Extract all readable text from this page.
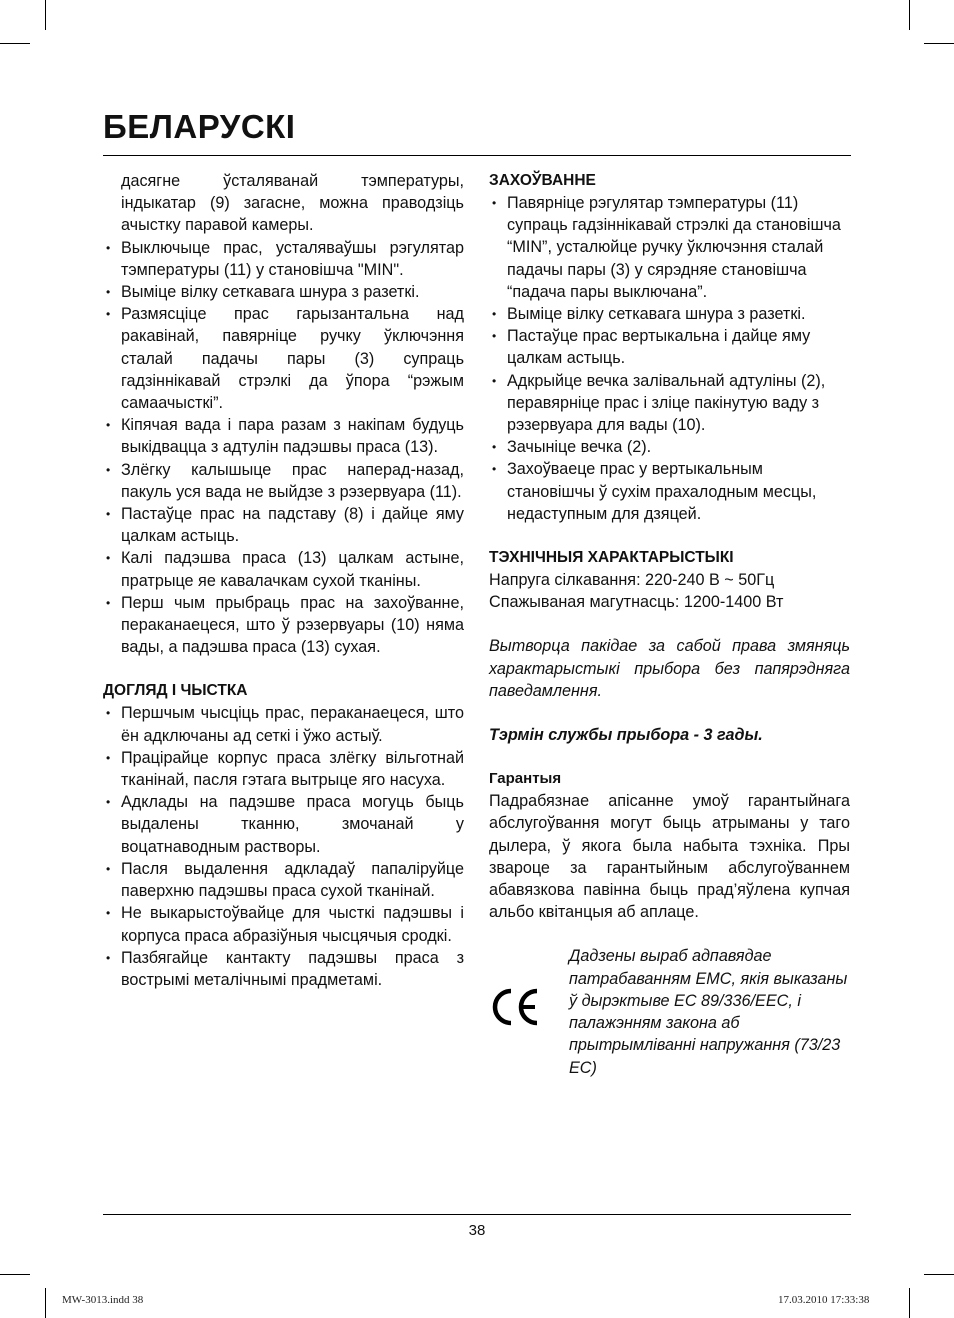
БЕЛАРУСКІ

дасягне ўсталяванай тэмпературы, індыкатар (9) загасне, можна праводзіць ачыстку паравой камеры.

• Выключыце прас, усталяваўшы рэгулятар тэмпературы (11) у становішча "MIN".
• Выміце вілку сеткавага шнура з разеткі.
• Размясціце прас гарызантальна над ракавінай, павярніце ручку ўключэння сталай падачы пары (3) супраць гадзіннікавай стрэлкі да ўпора “рэжым самаачысткі”.
• Кіпячая вада і пара разам з накіпам будуць выкідвацца з адтулін падэшвы праса (13).
• Злёгку калышыце прас наперад-назад, пакуль уся вада не выйдзе з рэзервуара (11).
• Пастаўце прас на падставу (8) і дайце яму цалкам астыць.
• Калі падэшва праса (13) цалкам астыне, пратрыце яе кавалачкам сухой тканіны.
• Перш чым прыбраць прас на захоўванне, пераканаецеся, што ў рэзервуары (10) няма вады, а падэшва праса (13) сухая.
ДОГЛЯД І ЧЫСТКА
• Першчым чысціць прас, пераканаецеся, што ён адключаны ад сеткі і ўжо астыў.
• Працірайце корпус праса злёгку вільготнай тканінай, пасля гэтага вытрыце яго насуха.
• Адклады на падэшве праса могуць быць выдалены тканню, змочанай у воцатнаводным растворы.
• Пасля выдалення адкладаў папаліруйце паверхню падэшвы праса сухой тканінай.
• Не выкарыстоўвайце для чысткі падэшвы і корпуса праса абразіўныя чысцячыя сродкі.
• Пазбягайце кантакту падэшвы праса з вострымі металічнымі прадметамі.
ЗАХОЎВАННЕ
• Павярніце рэгулятар тэмпературы (11) супраць гадзіннікавай стрэлкі да становішча “MIN”, усталюйце ручку ўключэння сталай падачы пары (3) у сярэдняе становішча “падача пары выключана”.
• Выміце вілку сеткавага шнура з разеткі.
• Пастаўце прас вертыкальна і дайце яму цалкам астыць.
• Адкрыйце вечка залівальнай адтуліны (2), перавярніце прас і зліце пакінутую ваду з рэзервуара для вады (10).
• Зачыніце вечка (2).
• Захоўваеце прас у вертыкальным становішчы ў сухім прахалодным месцы, недаступным для дзяцей.
ТЭХНІЧНЫЯ ХАРАКТАРЫСТЫКІ
Напруга сілкавання: 220-240 В ~ 50Гц
Спажываная магутнасць: 1200-1400 Вт

Вытворца пакідае за сабой права змяняць характарыстыкі прыбора без папярэдняга паведамлення.

Тэрмін службы прыбора - 3 гады.

Гарантыя

Падрабязнае апісанне умоў гарантыйнага абслугоўвання могут быць атрыманы у таго дылера, ў якога была набыта тэхніка. Пры звароце за гарантыйным абслугоўваннем абавязкова павінна быць прад’яўлена купчая альбо квітанцыя аб аплаце.

Дадзены выраб адпавядае патрабаванням ЕМС, якія выказаны ў дырэктыве ЕС 89/336/ЕЕС, і палажэнням закона аб прытрымліванні напружання (73/23 ЕС)
38
MW-3013.indd 38	17.03.2010 17:33:38
